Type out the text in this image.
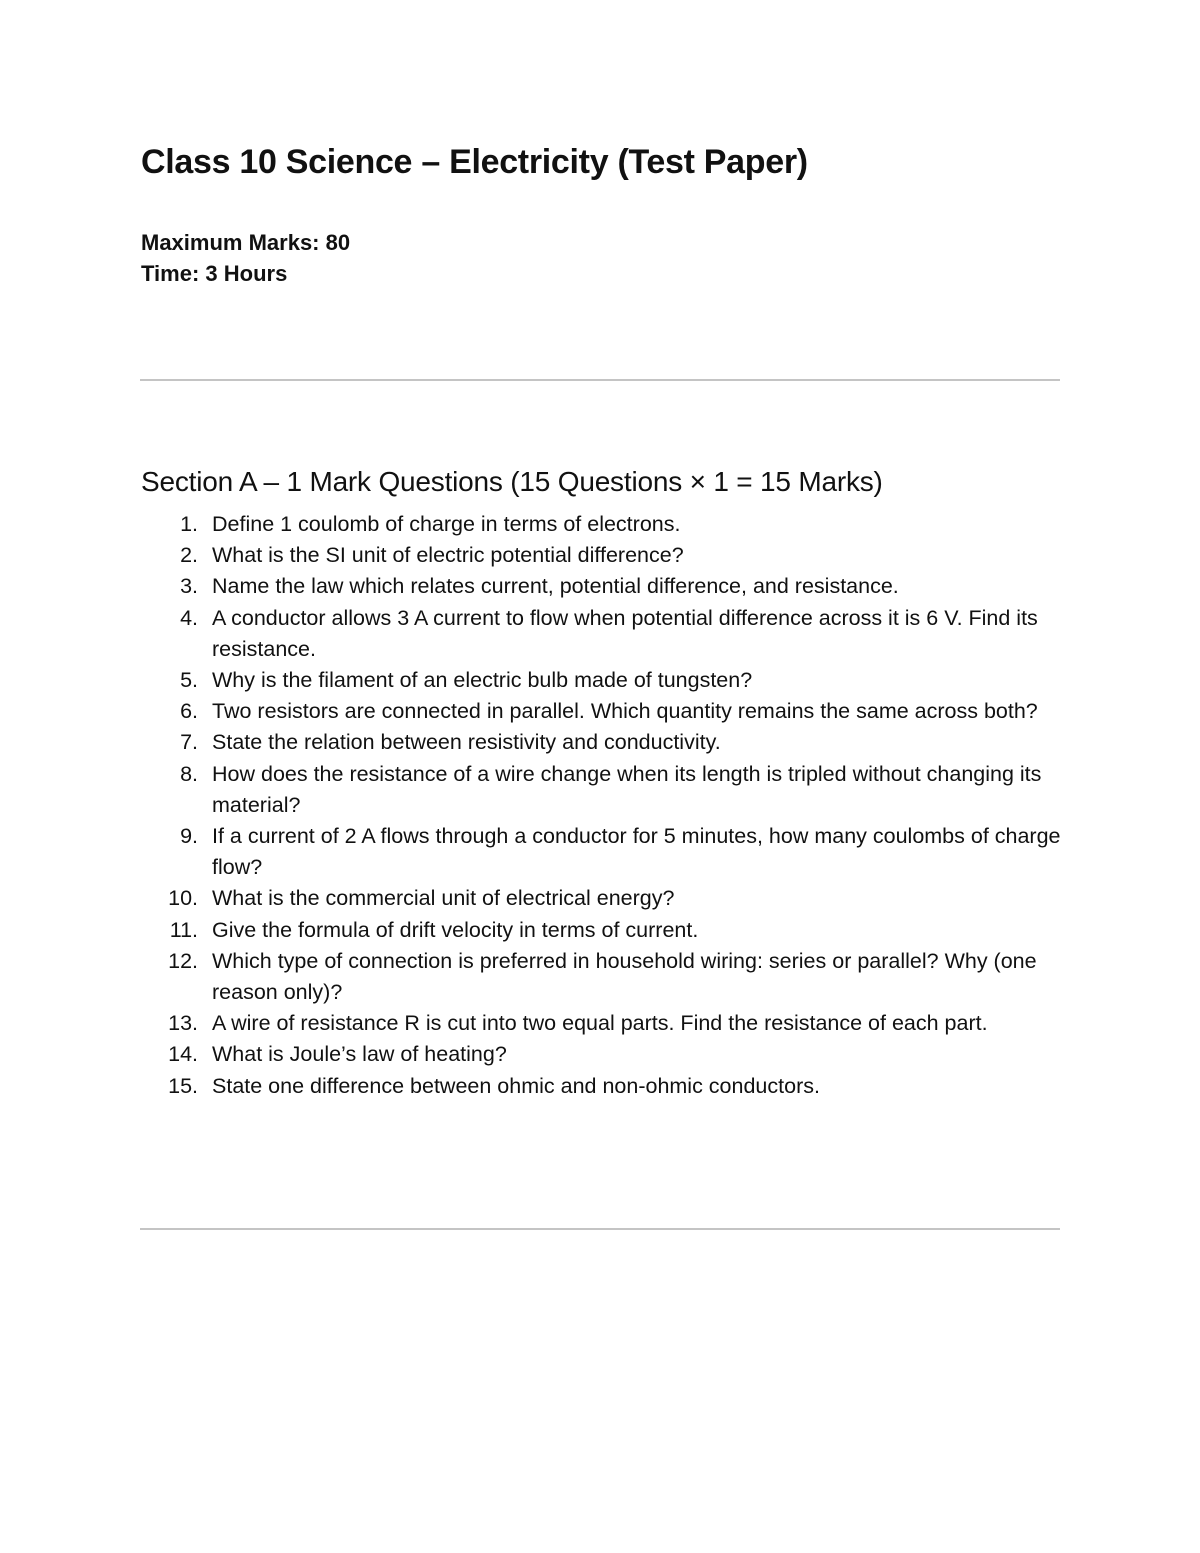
Class 10 Science – Electricity (Test Paper)
Maximum Marks: 80
Time: 3 Hours
Section A – 1 Mark Questions (15 Questions × 1 = 15 Marks)
1. Define 1 coulomb of charge in terms of electrons.
2. What is the SI unit of electric potential difference?
3. Name the law which relates current, potential difference, and resistance.
4. A conductor allows 3 A current to flow when potential difference across it is 6 V. Find its resistance.
5. Why is the filament of an electric bulb made of tungsten?
6. Two resistors are connected in parallel. Which quantity remains the same across both?
7. State the relation between resistivity and conductivity.
8. How does the resistance of a wire change when its length is tripled without changing its material?
9. If a current of 2 A flows through a conductor for 5 minutes, how many coulombs of charge flow?
10. What is the commercial unit of electrical energy?
11. Give the formula of drift velocity in terms of current.
12. Which type of connection is preferred in household wiring: series or parallel? Why (one reason only)?
13. A wire of resistance R is cut into two equal parts. Find the resistance of each part.
14. What is Joule’s law of heating?
15. State one difference between ohmic and non-ohmic conductors.
